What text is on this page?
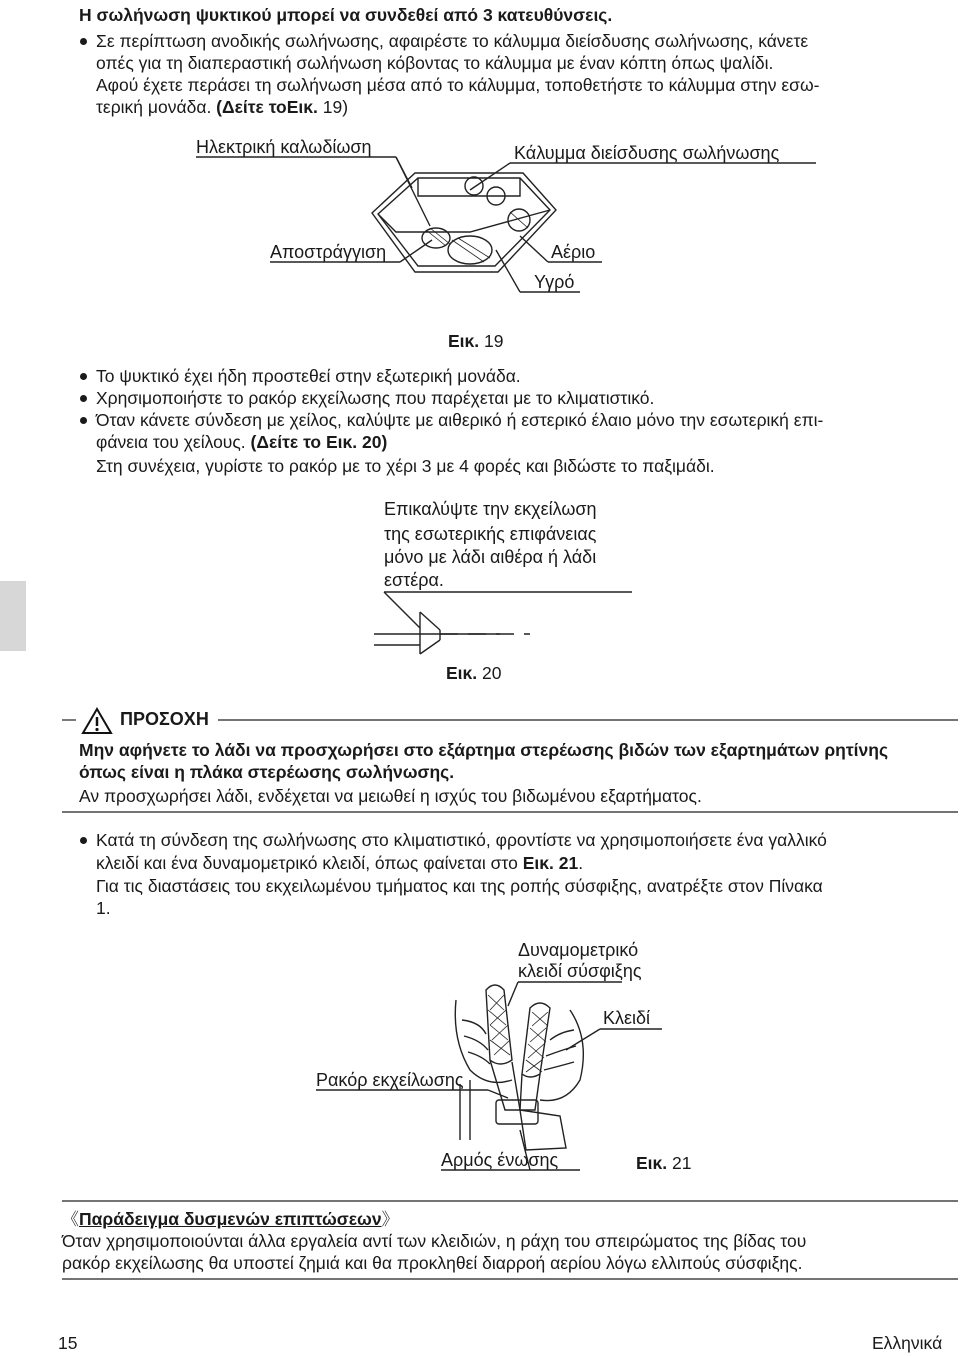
Η σωλήνωση ψυκτικού μπορεί να συνδεθεί από 3 κατευθύνσεις.
Σε περίπτωση ανοδικής σωλήνωσης, αφαιρέστε το κάλυμμα διείσδυσης σωλήνωσης, κάνετε
οπές για τη διαπεραστική σωλήνωση κόβοντας το κάλυμμα με έναν κόπτη όπως ψαλίδι.
Αφού έχετε περάσει τη σωλήνωση μέσα από το κάλυμμα, τοποθετήστε το κάλυμμα στην εσω-
τερική μονάδα. (Δείτε τοΕικ. 19)
Ηλεκτρική καλωδίωση	Κάλυμμα διείσδυσης σωλήνωσης
Αποστράγγιση	Αέριο
Υγρό
Εικ. 19
Το ψυκτικό έχει ήδη προστεθεί στην εξωτερική μονάδα.
Χρησιμοποιήστε το ρακόρ εκχείλωσης που παρέχεται με το κλιματιστικό.
Όταν κάνετε σύνδεση με χείλος, καλύψτε με αιθερικό ή εστερικό έλαιο μόνο την εσωτερική επι-
φάνεια του χείλους. (Δείτε το Εικ. 20)
Στη συνέχεια, γυρίστε το ρακόρ με το χέρι 3 με 4 φορές και βιδώστε το παξιμάδι.
Επικαλύψτε την εκχείλωση
της εσωτερικής επιφάνειας
μόνο με λάδι αιθέρα ή λάδι
εστέρα.
Εικ. 20
ΠΡΟΣΟΧΗ
Μην αφήνετε το λάδι να προσχωρήσει στο εξάρτημα στερέωσης βιδών των εξαρτημάτων ρητίνης
όπως είναι η πλάκα στερέωσης σωλήνωσης.
Αν προσχωρήσει λάδι, ενδέχεται να μειωθεί η ισχύς του βιδωμένου εξαρτήματος.
Κατά τη σύνδεση της σωλήνωσης στο κλιματιστικό, φροντίστε να χρησιμοποιήσετε ένα γαλλικό
κλειδί και ένα δυναμομετρικό κλειδί, όπως φαίνεται στο Εικ. 21.
Για τις διαστάσεις του εκχειλωμένου τμήματος και της ροπής σύσφιξης, ανατρέξτε στον Πίνακα
1.
Δυναμομετρικό
κλειδί σύσφιξης
Κλειδί
Ρακόρ εκχείλωσης
Αρμός ένωσης	Εικ. 21
《Παράδειγμα δυσμενών επιπτώσεων》
Όταν χρησιμοποιούνται άλλα εργαλεία αντί των κλειδιών, η ράχη του σπειρώματος της βίδας του
ρακόρ εκχείλωσης θα υποστεί ζημιά και θα προκληθεί διαρροή αερίου λόγω ελλιπούς σύσφιξης.
15	Ελληνικά
